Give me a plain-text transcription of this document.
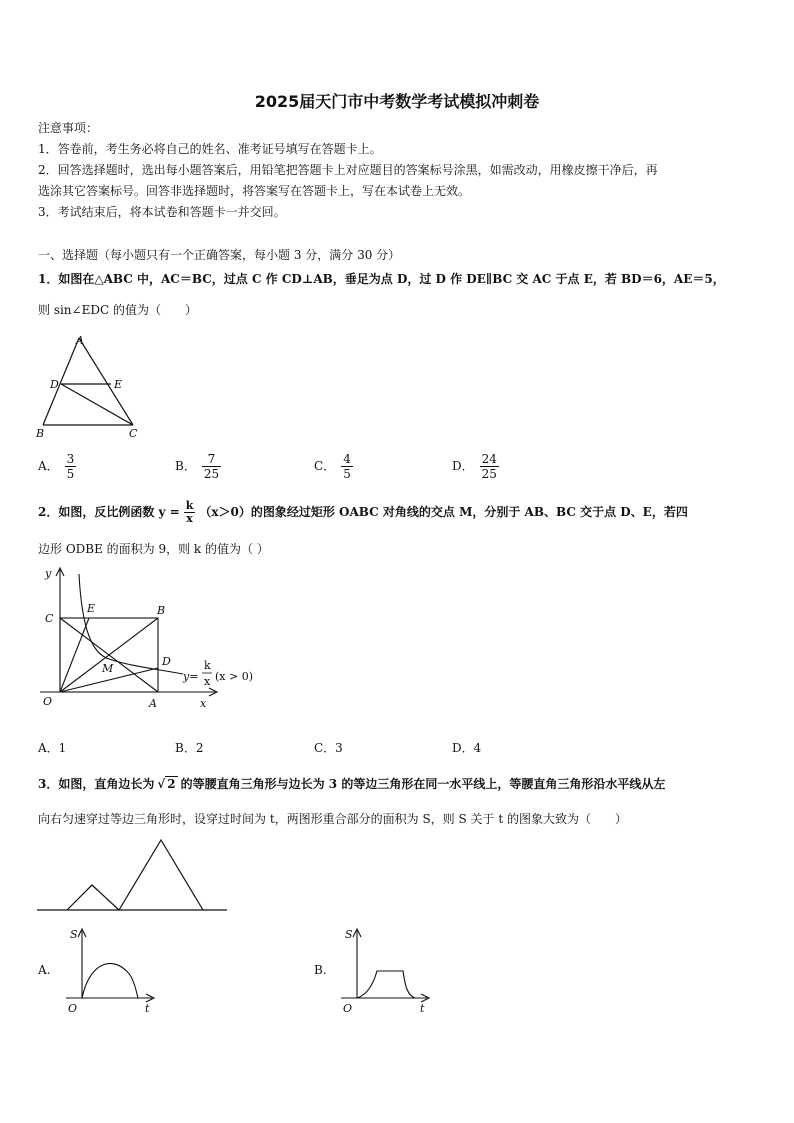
2025届天门市中考数学考试模拟冲刺卷
注意事项：
1．答卷前，考生务必将自己的姓名、准考证号填写在答题卡上。
2．回答选择题时，选出每小题答案后，用铅笔把答题卡上对应题目的答案标号涂黑，如需改动，用橡皮擦干净后，再
选涂其它答案标号。回答非选择题时，将答案写在答题卡上，写在本试卷上无效。
3．考试结束后，将本试卷和答题卡一并交回。
一、选择题（每小题只有一个正确答案，每小题 3 分，满分 30 分）
1．如图在△ABC 中，AC＝BC，过点 C 作 CD⊥AB，垂足为点 D，过 D 作 DE∥BC 交 AC 于点 E，若 BD＝6，AE＝5，
则 sin∠EDC 的值为（　　）
A
D	E
B	C
A． $\frac{3}{5}$	B． $\frac{7}{25}$	C． $\frac{4}{5}$	D． $\frac{24}{25}$
2．如图，反比例函数 $y = \frac{k}{x} (x>0)$的图象经过矩形 OABC 对角线的交点 M，分别于 AB、BC 交于点 D、E，若四
边形 ODBE 的面积为 9，则 k 的值为（ ）
y
C
E	B
M
D
O	A	x
y=
k
x (x > 0)
A．1	B．2	C．3	D．4
3．如图，直角边长为 √ 2 的等腰直角三角形与边长为 3 的等边三角形在同一水平线上，等腰直角三角形沿水平线从左
向右匀速穿过等边三角形时，设穿过时间为 t，两图形重合部分的面积为 S，则 S 关于 t 的图象大致为（　　）
A.
S
O	t
B.
S
O	t
